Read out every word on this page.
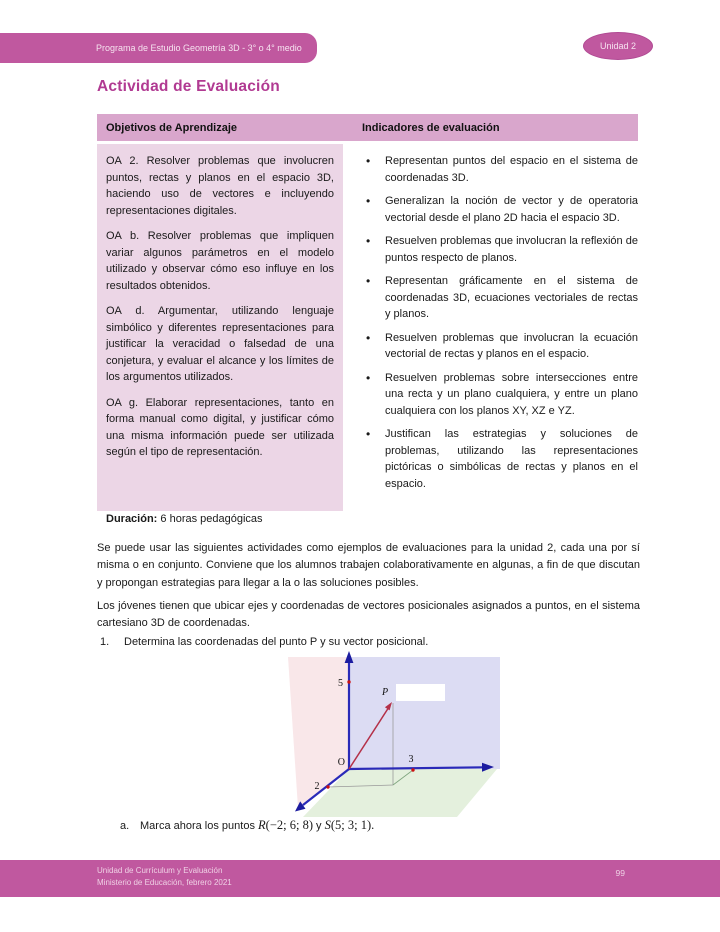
Programa de Estudio Geometría 3D - 3° o 4° medio	Unidad 2
Actividad de Evaluación
Objetivos de Aprendizaje	Indicadores de evaluación

OA 2. Resolver problemas que involucren puntos, rectas y planos en el espacio 3D, haciendo uso de vectores e incluyendo representaciones digitales.

OA b. Resolver problemas que impliquen variar algunos parámetros en el modelo utilizado y observar cómo eso influye en los resultados obtenidos.

OA d. Argumentar, utilizando lenguaje simbólico y diferentes representaciones para justificar la veracidad o falsedad de una conjetura, y evaluar el alcance y los límites de los argumentos utilizados.

OA g. Elaborar representaciones, tanto en forma manual como digital, y justificar cómo una misma información puede ser utilizada según el tipo de representación.

• Representan puntos del espacio en el sistema de coordenadas 3D.
• Generalizan la noción de vector y de operatoria vectorial desde el plano 2D hacia el espacio 3D.
• Resuelven problemas que involucran la reflexión de puntos respecto de planos.
• Representan gráficamente en el sistema de coordenadas 3D, ecuaciones vectoriales de rectas y planos.
• Resuelven problemas que involucran la ecuación vectorial de rectas y planos en el espacio.
• Resuelven problemas sobre intersecciones entre una recta y un plano cualquiera, y entre un plano cualquiera con los planos XY, XZ e YZ.
• Justifican las estrategias y soluciones de problemas, utilizando las representaciones pictóricas o simbólicas de rectas y planos en el espacio.

Duración: 6 horas pedagógicas

Se puede usar las siguientes actividades como ejemplos de evaluaciones para la unidad 2, cada una por sí misma o en conjunto. Conviene que los alumnos trabajen colaborativamente en algunas, a fin de que discutan y propongan estrategias para llegar a la o las soluciones posibles.

Los jóvenes tienen que ubicar ejes y coordenadas de vectores posicionales asignados a puntos, en el sistema cartesiano 3D de coordenadas.

1.	Determina las coordenadas del punto P y su vector posicional.
5
P
O	3
2
a. Marca ahora los puntos R(−2; 6; 8) y S(5; 3; 1).
Unidad de Currículum y Evaluación
Ministerio de Educación, febrero 2021
99
